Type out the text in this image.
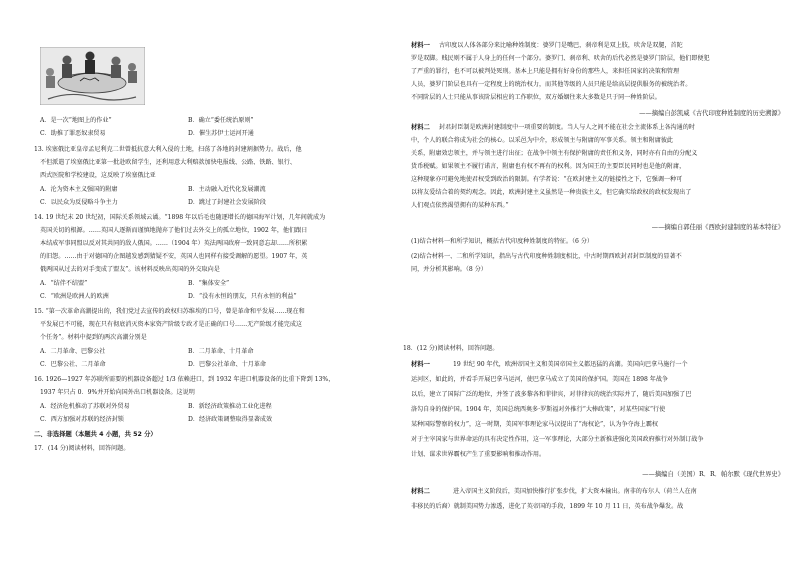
A．是一次“地图上的作业”	B．确立“委任统治原则”
C．助推了罪恶奴隶贸易	D．催生苏伊士运河开通
13. 埃塞俄比亚皇帝孟尼利克二世曾抵抗意大利入侵的土地，扫荡了各地的封建割据势力。战后，他
不但派遣了埃塞俄比亚第一批赴欧留学生，还利用意大利赔款加快电报线、公路、铁路、银行、
西式医院和学校建设，这反映了埃塞俄比亚
A．沦为资本主义强国的附庸	B．主动融入近代化发展潮流
C．以民众为反侵略斗争主力	D．跳过了封建社会发展阶段
14. 19 世纪末 20 世纪初，国际关系领域云谲。“1898 年以后毛也随逐增长的德国海军计划，几年间就成为
英国关切的根源。……英国人逐渐而谨慎地抛弃了他们过去外交上的孤立地位，1902 年，他们跟日
本结成军事同盟以反对其共同的敌人俄国。……（1904 年）英法两国政府一致同意忘却……所积累
的旧怨。……由于对德国的企图越发感到猜疑不安，英国人也同样有接受调解的愿望。1907 年，英
俄两国从过去的对手变成了盟友”。该材料反映出英国的外交取向是
A．“结伴不结盟”	B．“集体安全”
C．“欧洲是欧洲人的欧洲	D．“没有永恒的朋友，只有永恒的利益”
15. “第一次革命高潮提出的，我们党过去宣传的政权归苏维埃的口号，曾是革命和平发展……现在和
平发展已不可能，现在只有彻底消灭资本家资产阶级专政才是正确的口号……无产阶级才能完成这
个任务”。材料中提到的两次高潮分别是
A．二月革命、巴黎公社	B．二月革命、十月革命
C．巴黎公社、二月革命	D．巴黎公社革命、十月革命
16. 1926—1927 年苏联所需要的机器设备超过 1/3 依赖进口，到 1932 年进口机器设备的比重下降到 13%，
1937 年只占 0．9%并开始向国外出口机器设备。这说明
A．经济危机推动了苏联对外贸易	B．新经济政策推动工业化进程
C．西方加强对苏联的经济封锁	D．经济政策调整取得显著成效
二、非选择题（本题共 4 小题，共 52 分）
17．(14 分)阅读材料，回答问题。
材料一 古印度以人体各部分来比喻种姓制度：婆罗门是嘴巴，刹帝利是双上肢，吠舍是双腿，首陀
罗是双脚。贱民则不属于人身上的任何一个部分。婆罗门、刹帝利、吠舍的后代必然是婆罗门阶层，他们即便犯
了严重的罪行，也不可以被判处死刑。基本上只能是拥有好身份的那些人，来担任国家的决策和管理
人员，婆罗门阶层也具有一定程度上的统治权力，而其他等级的人员只能是给高层提供服务的被统治者。
不同阶层的人士只能从事该阶层相应的工作职位，双方婚姻往来大多数是只于同一种姓阶层。
——摘编自彭凯威《古代印度种姓制度的历史溯源》
材料二 封君封臣制是欧洲封建制度中一项重要的制度。当人与人之间不能在社会主流体系上各沟通的时
中，个人的联合将成为社会的核心。以采邑为中介，形成领主与附庸的军事关系。领主和附庸彼此
关系，附庸效忠领主，并与领主进行出征；在战争中领主有保护附庸的责任和义务，同时亦有自由的分配义
货币税赋。如果领主不履行诺言，附庸也有权不再有的权利。因为国王的主要臣民同时也是他的附庸，
这种现象亦可避免地使君权受到政治的限制。有学者说：“在欧封建主义的链接性之下，它强调一种可
以将友爱结合着的契约观念。因此，欧洲封建主义虽然是一种贵族主义，但它确实给政权的政权发现出了
人们观点依然渴望拥有的某种东西。”
——摘编自郭佳丽《西欧封建制度的基本特征》
(1)结合材料一和所学知识，概括古代印度种姓制度的特征。（6 分）
(2)结合材料一、二和所学知识，指出与古代印度种姓制度相比，中古时期西欧封君封臣制度的显著不
同，并分析其影响。（8 分）
18．(12 分)阅读材料，回答问题。
材料一	19 世纪 90 年代，欧洲帝国主义和美国帝国主义都迅猛的高潮。美国向巴拿马施行一个
运河区，如此的，并看手开展巴拿马运河，使巴拿马成立了美国的保护国。美国在 1898 年战争
以后，建立了国际广泛的地位，并签了波多黎各和菲律宾，对菲律宾的统治实际并了，随后美国加强了巴
洛勾自身的保护国。1904 年，美国总统西奥多·罗斯福对外推行“大棒政策”，对某些国家“行使
某种国际警察的权力”，这一时期，美国军事理论家马汉提出了“海权论”，认为争夺海上霸权
对于主宰国家与世界命运的具有决定性作用，这一军事理论，大部分主新推进强化美国政府推行对外制订战争
计划、谋求世界霸权产生了重要影响和推动作用。
——摘编自（美国）R．R．帕尔默《现代世界史》
材料二	进入帝国主义阶段后，美国加快推行扩张步伐，扩大资本输出。南非的布尔人（荷兰人在南
非移民的后裔）就制美国势力渗透，进化了英帝国的手段，1899 年 10 月 11 日，英布战争爆发。战
